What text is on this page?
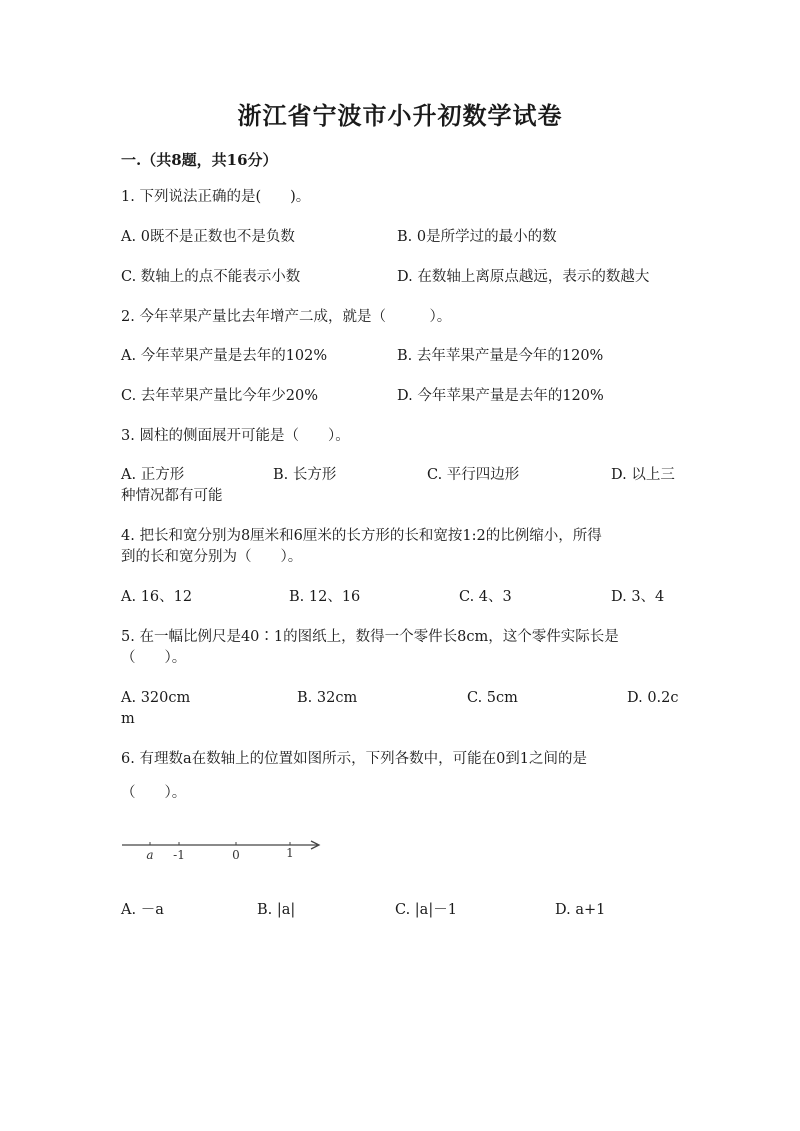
浙江省宁波市小升初数学试卷
一.（共8题，共16分）
1. 下列说法正确的是(　　)。
A. 0既不是正数也不是负数	B. 0是所学过的最小的数
C. 数轴上的点不能表示小数	D. 在数轴上离原点越远，表示的数越大
2. 今年苹果产量比去年增产二成，就是（　　　）。
A. 今年苹果产量是去年的102%	B. 去年苹果产量是今年的120%
C. 去年苹果产量比今年少20%	D. 今年苹果产量是去年的120%
3. 圆柱的侧面展开可能是（　　）。
A. 正方形	B. 长方形	C. 平行四边形	D. 以上三
种情况都有可能
4. 把长和宽分别为8厘米和6厘米的长方形的长和宽按1:2的比例缩小，所得
到的长和宽分别为（　　）。
A. 16、12	B. 12、16	C. 4、3	D. 3、4
5. 在一幅比例尺是40∶1的图纸上，数得一个零件长8cm，这个零件实际长是
（　　）。
A. 320cm	B. 32cm	C. 5cm	D. 0.2c
m
6. 有理数a在数轴上的位置如图所示，下列各数中，可能在0到1之间的是
（　　）。
a -1	0	1
A. －a	B. |a|	C. |a|－1	D. a+1
